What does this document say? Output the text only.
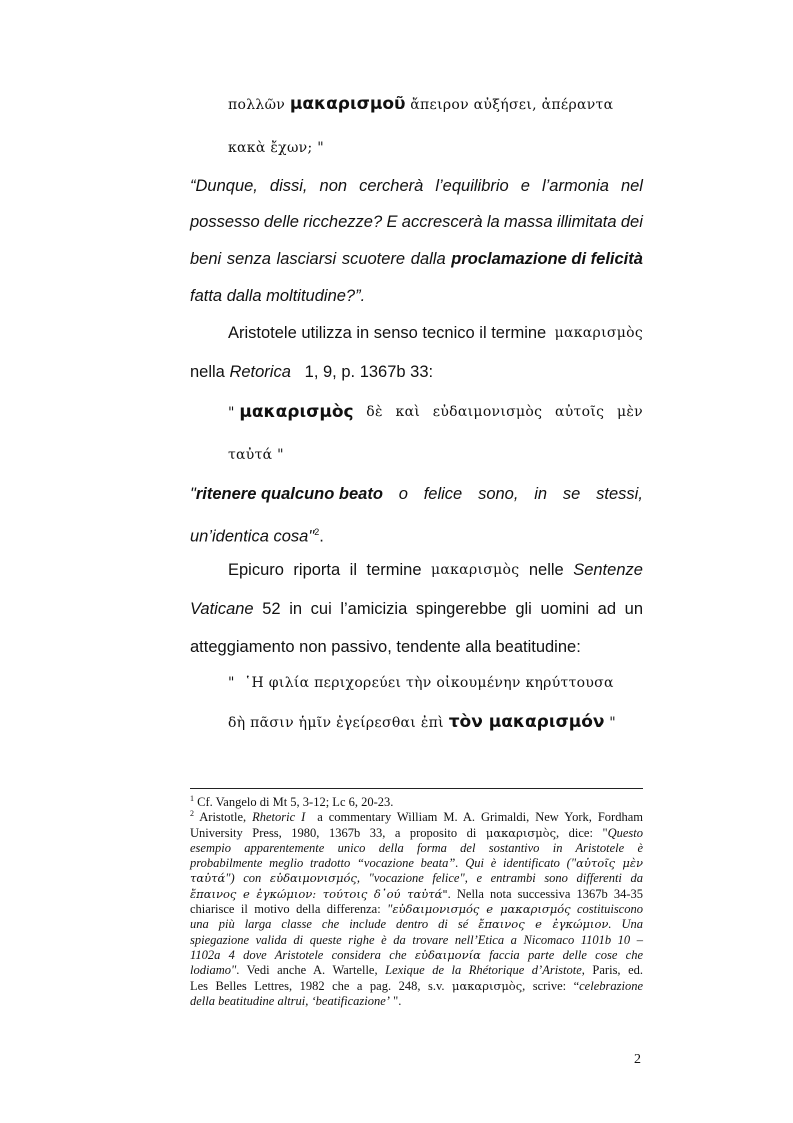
πολλῶν μακαρισμοῦ ἄπειρον αὐξήσει, ἀπέραντα
κακὰ ἔχων; "
“Dunque, dissi, non cercherà l’equilibrio e l’armonia nel
possesso delle ricchezze? E accrescerà la massa illimitata dei
beni senza lasciarsi scuotere dalla proclamazione di felicità
fatta dalla moltitudine?”.
Aristotele utilizza in senso tecnico il termine μακαρισμὸς
nella Retorica   1, 9, p. 1367b 33:
" μακαρισμὸς δὲ καὶ εὐδαιμονισμὸς αὐτοῖς μὲν
ταὐτά "
"ritenere qualcuno beato o felice sono, in se stessi,
un’identica cosa"$^2$.
Epicuro riporta il termine μακαρισμὸς nelle Sentenze
Vaticane 52 in cui l’amicizia spingerebbe gli uomini ad un
atteggiamento non passivo, tendente alla beatitudine:
"  ῾Η φιλία περιχορεύει τὴν οἰκουμένην κηρύττουσα
δὴ πᾶσιν ἡμῖν ἐγείρεσθαι ἐπὶ τὸν μακαρισμόν "
$^1$ Cf. Vangelo di Mt 5, 3-12; Lc 6, 20-23.
$^2$ Aristotle, Rhetoric I  a commentary William M. A. Grimaldi, New York, Fordham
University Press, 1980, 1367b 33, a proposito di μακαρισμὸς, dice: "Questo
esempio apparentemente unico della forma del sostantivo in Aristotele è
probabilmente meglio tradotto “vocazione beata”. Qui è identificato ("αὐτοῖς μὲν
ταὐτά") con εὐδαιμονισμός, "vocazione felice", e entrambi sono differenti da
ἔπαινος e ἐγκώμιον: τούτοις δ᾽ού ταὐτά". Nella nota successiva 1367b 34-35
chiarisce il motivo della differenza: "εὐδαιμονισμός e μακαρισμός costituiscono
una più larga classe che include dentro di sé ἔπαινος e ἐγκώμιον. Una
spiegazione valida di queste righe è da trovare nell’Etica a Nicomaco 1101b 10 –
1102a 4 dove Aristotele considera che εὐδαιμονία faccia parte delle cose che
lodiamo". Vedi anche A. Wartelle, Lexique de la Rhétorique d’Aristote, Paris, ed.
Les Belles Lettres, 1982 che a pag. 248, s.v. μακαρισμὸς, scrive: “celebrazione
della beatitudine altrui, ‘beatificazione’ ".
2
